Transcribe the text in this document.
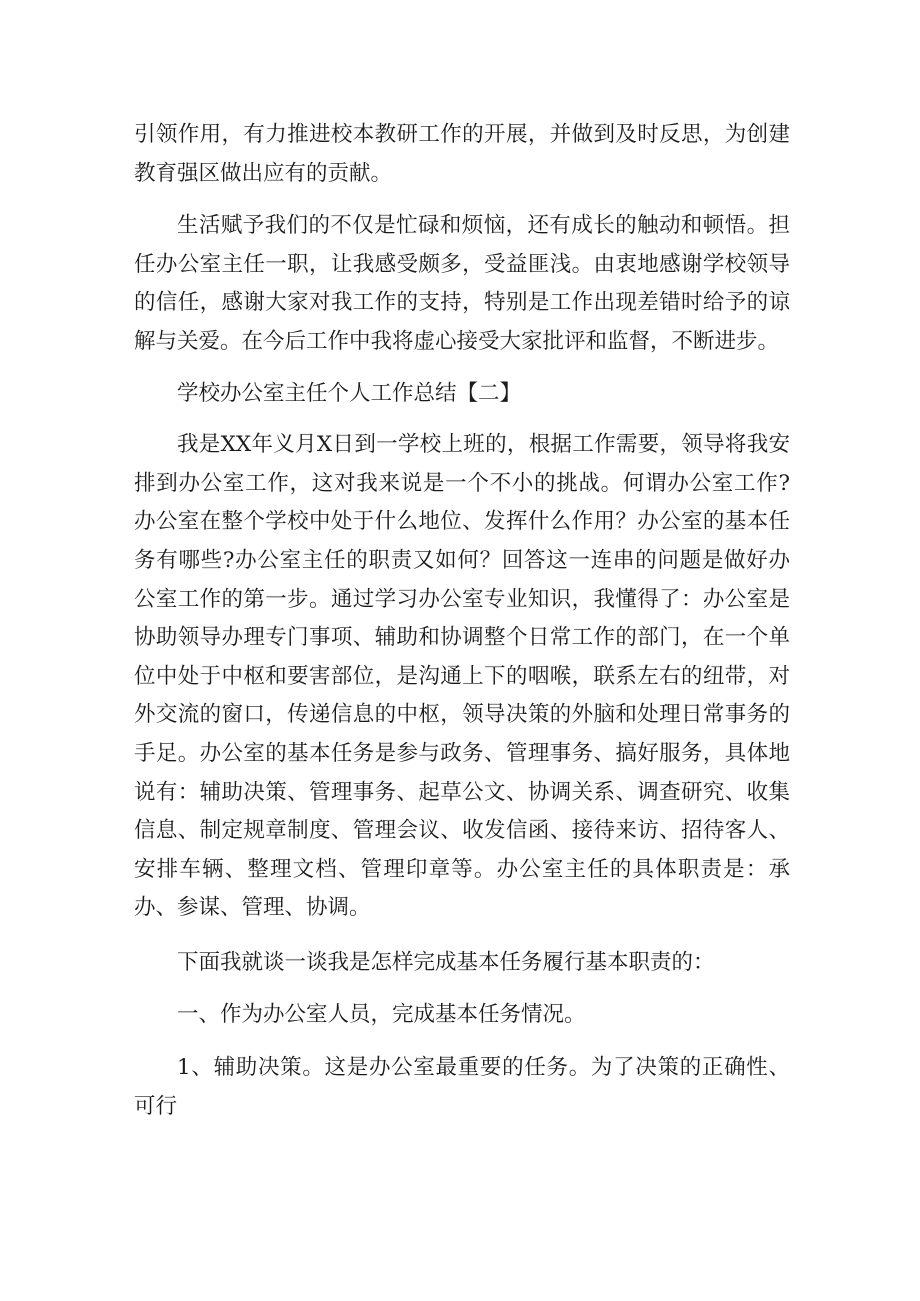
引领作用，有力推进校本教研工作的开展，并做到及时反思，为创建教育强区做出应有的贡献。

生活赋予我们的不仅是忙碌和烦恼，还有成长的触动和顿悟。担任办公室主任一职，让我感受颇多，受益匪浅。由衷地感谢学校领导的信任，感谢大家对我工作的支持，特别是工作出现差错时给予的谅解与关爱。在今后工作中我将虚心接受大家批评和监督，不断进步。

学校办公室主任个人工作总结【二】

我是XX年义月X日到一学校上班的，根据工作需要，领导将我安排到办公室工作，这对我来说是一个不小的挑战。何谓办公室工作?办公室在整个学校中处于什么地位、发挥什么作用？办公室的基本任务有哪些?办公室主任的职责又如何？回答这一连串的问题是做好办公室工作的第一步。通过学习办公室专业知识，我懂得了：办公室是协助领导办理专门事项、辅助和协调整个日常工作的部门，在一个单位中处于中枢和要害部位，是沟通上下的咽喉，联系左右的纽带，对外交流的窗口，传递信息的中枢，领导决策的外脑和处理日常事务的手足。办公室的基本任务是参与政务、管理事务、搞好服务，具体地说有：辅助决策、管理事务、起草公文、协调关系、调查研究、收集信息、制定规章制度、管理会议、收发信函、接待来访、招待客人、安排车辆、整理文档、管理印章等。办公室主任的具体职责是：承办、参谋、管理、协调。

下面我就谈一谈我是怎样完成基本任务履行基本职责的：

一、作为办公室人员，完成基本任务情况。

1、辅助决策。这是办公室最重要的任务。为了决策的正确性、可行
